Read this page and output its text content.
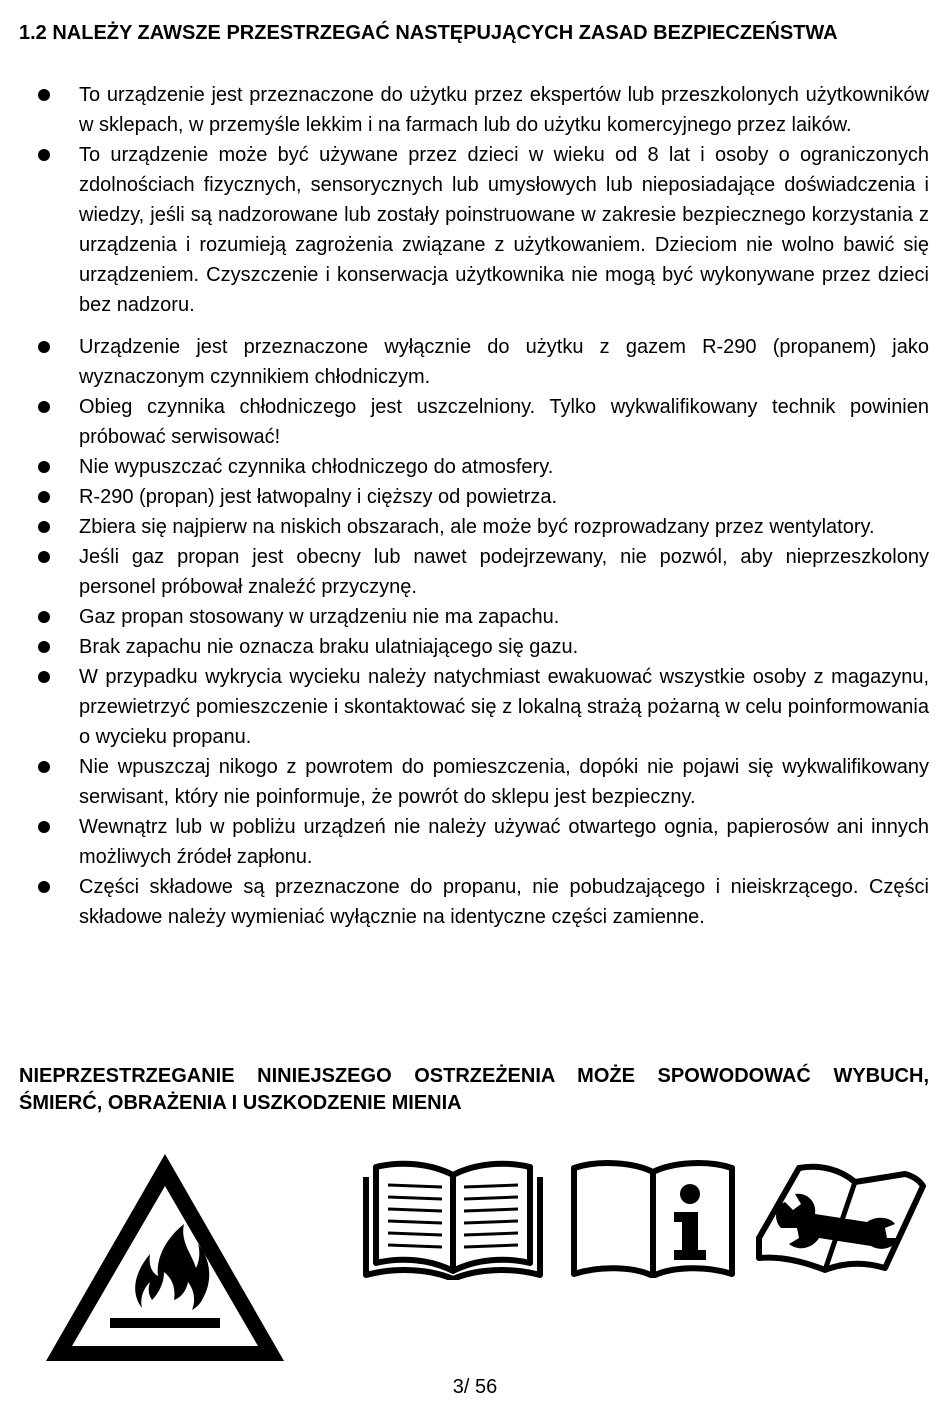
1.2 NALEŻY ZAWSZE PRZESTRZEGAĆ NASTĘPUJĄCYCH ZASAD BEZPIECZEŃSTWA
To urządzenie jest przeznaczone do użytku przez ekspertów lub przeszkolonych użytkowników w sklepach, w przemyśle lekkim i na farmach lub do użytku komercyjnego przez laików.
To urządzenie może być używane przez dzieci w wieku od 8 lat i osoby o ograniczonych zdolnościach fizycznych, sensorycznych lub umysłowych lub nieposiadające doświadczenia i wiedzy, jeśli są nadzorowane lub zostały poinstruowane w zakresie bezpiecznego korzystania z urządzenia i rozumieją zagrożenia związane z użytkowaniem. Dzieciom nie wolno bawić się urządzeniem. Czyszczenie i konserwacja użytkownika nie mogą być wykonywane przez dzieci bez nadzoru.
Urządzenie jest przeznaczone wyłącznie do użytku z gazem R-290 (propanem) jako wyznaczonym czynnikiem chłodniczym.
Obieg czynnika chłodniczego jest uszczelniony. Tylko wykwalifikowany technik powinien próbować serwisować!
Nie wypuszczać czynnika chłodniczego do atmosfery.
R-290 (propan) jest łatwopalny i cięższy od powietrza.
Zbiera się najpierw na niskich obszarach, ale może być rozprowadzany przez wentylatory.
Jeśli gaz propan jest obecny lub nawet podejrzewany, nie pozwól, aby nieprzeszkolony personel próbował znaleźć przyczynę.
Gaz propan stosowany w urządzeniu nie ma zapachu.
Brak zapachu nie oznacza braku ulatniającego się gazu.
W przypadku wykrycia wycieku należy natychmiast ewakuować wszystkie osoby z magazynu, przewietrzyć pomieszczenie i skontaktować się z lokalną strażą pożarną w celu poinformowania o wycieku propanu.
Nie wpuszczaj nikogo z powrotem do pomieszczenia, dopóki nie pojawi się wykwalifikowany serwisant, który nie poinformuje, że powrót do sklepu jest bezpieczny.
Wewnątrz lub w pobliżu urządzeń nie należy używać otwartego ognia, papierosów ani innych możliwych źródeł zapłonu.
Części składowe są przeznaczone do propanu, nie pobudzającego i nieiskrzącego. Części składowe należy wymieniać wyłącznie na identyczne części zamienne.
NIEPRZESTRZEGANIE NINIEJSZEGO OSTRZEŻENIA MOŻE SPOWODOWAĆ WYBUCH, ŚMIERĆ, OBRAŻENIA I USZKODZENIE MIENIA
3/ 56
